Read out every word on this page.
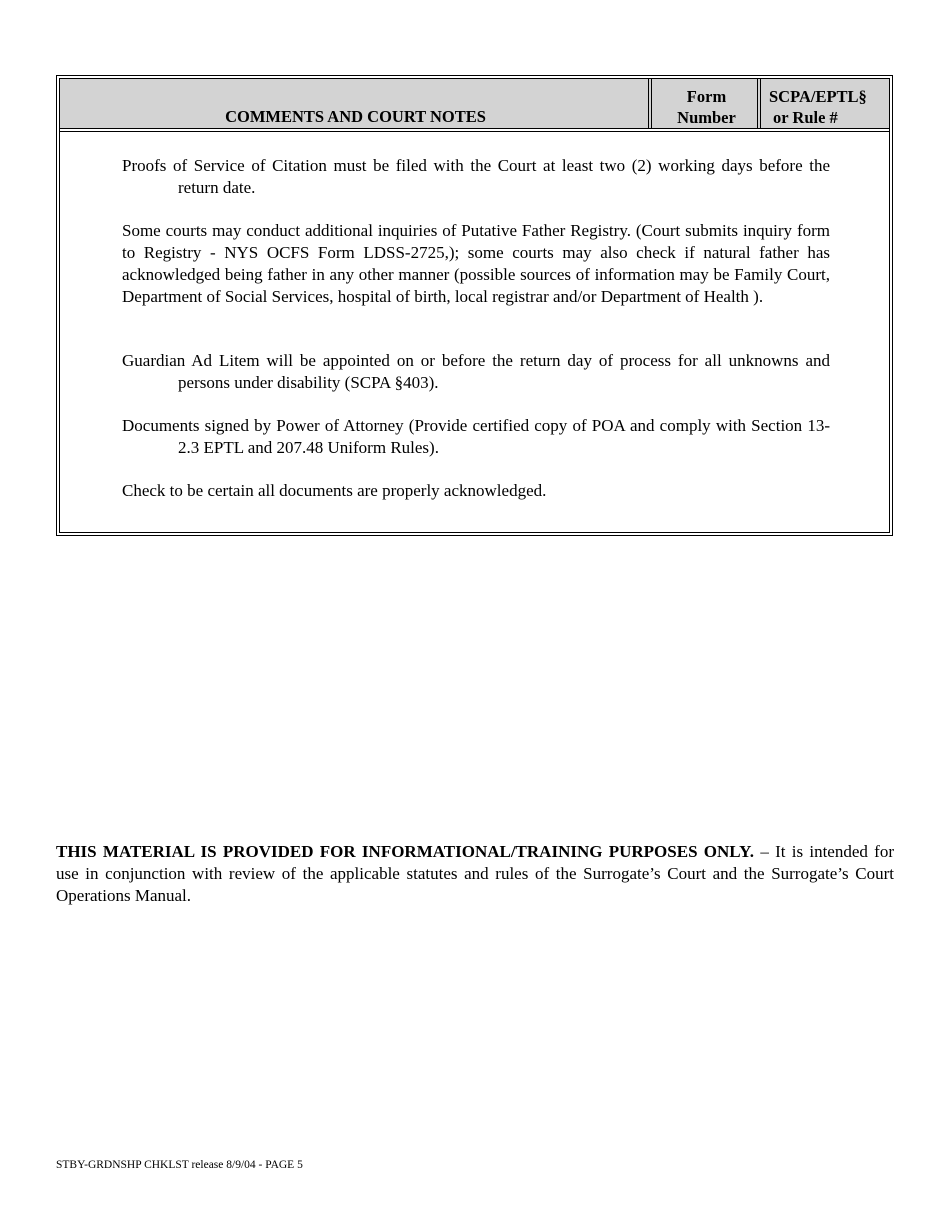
COMMENTS AND COURT NOTES
Form
Number
SCPA/EPTL§
or Rule #

Proofs of Service of Citation must be filed with the Court at least two (2) working days before the return date.

Some courts may conduct additional inquiries of Putative Father Registry. (Court submits inquiry form to Registry - NYS OCFS Form LDSS-2725,); some courts may also check if natural father has acknowledged being father in any other manner (possible sources of information may be Family Court, Department of Social Services, hospital of birth, local registrar and/or Department of Health ).

Guardian Ad Litem will be appointed on or before the return day of process for all unknowns and persons under disability (SCPA §403).

Documents signed by Power of Attorney (Provide certified copy of POA and comply with Section 13-2.3 EPTL and 207.48 Uniform Rules).

Check to be certain all documents are properly acknowledged.

THIS MATERIAL IS PROVIDED FOR INFORMATIONAL/TRAINING PURPOSES ONLY. – It is intended for use in conjunction with review of the applicable statutes and rules of the Surrogate’s Court and the Surrogate’s Court Operations Manual.

STBY-GRDNSHP CHKLST release 8/9/04 - PAGE 5
